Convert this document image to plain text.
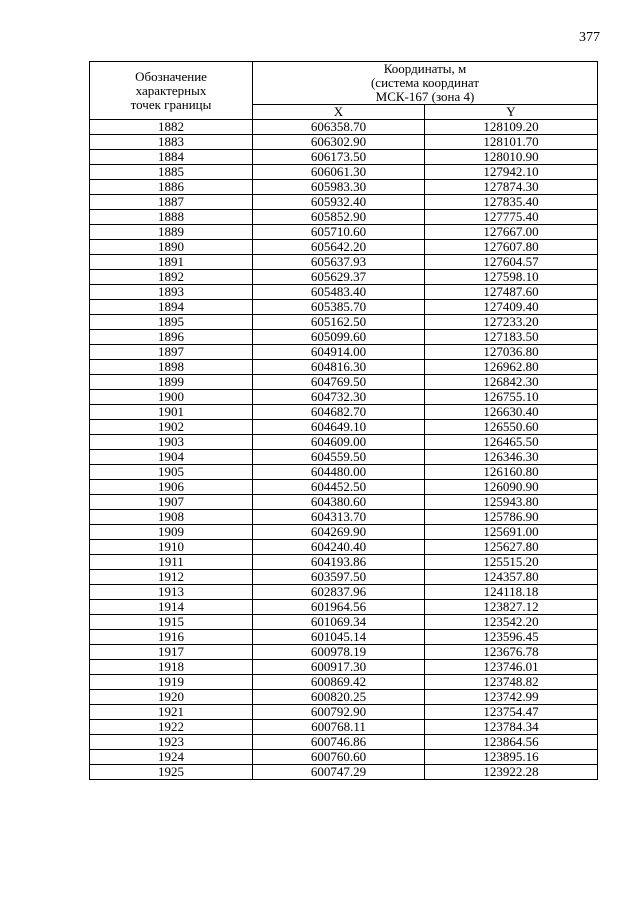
377
Обозначение
характерных
точек границы	Координаты, м
(система координат
МСК-167 (зона 4)	

	X	Y
1882	606358.70	128109.20
1883	606302.90	128101.70
1884	606173.50	128010.90
1885	606061.30	127942.10
1886	605983.30	127874.30
1887	605932.40	127835.40
1888	605852.90	127775.40
1889	605710.60	127667.00
1890	605642.20	127607.80
1891	605637.93	127604.57
1892	605629.37	127598.10
1893	605483.40	127487.60
1894	605385.70	127409.40
1895	605162.50	127233.20
1896	605099.60	127183.50
1897	604914.00	127036.80
1898	604816.30	126962.80
1899	604769.50	126842.30
1900	604732.30	126755.10
1901	604682.70	126630.40
1902	604649.10	126550.60
1903	604609.00	126465.50
1904	604559.50	126346.30
1905	604480.00	126160.80
1906	604452.50	126090.90
1907	604380.60	125943.80
1908	604313.70	125786.90
1909	604269.90	125691.00
1910	604240.40	125627.80
1911	604193.86	125515.20
1912	603597.50	124357.80
1913	602837.96	124118.18
1914	601964.56	123827.12
1915	601069.34	123542.20
1916	601045.14	123596.45
1917	600978.19	123676.78
1918	600917.30	123746.01
1919	600869.42	123748.82
1920	600820.25	123742.99
1921	600792.90	123754.47
1922	600768.11	123784.34
1923	600746.86	123864.56
1924	600760.60	123895.16
1925	600747.29	123922.28
